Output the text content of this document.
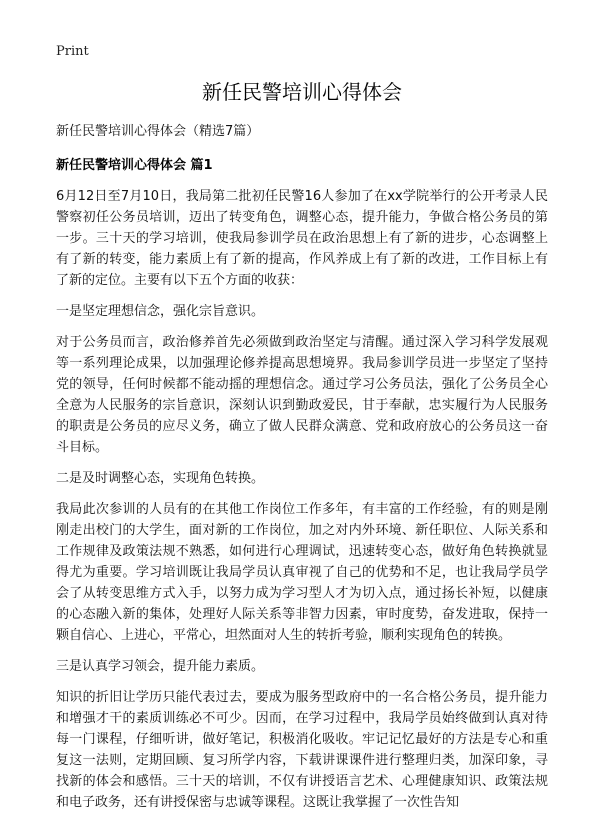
Print
新任民警培训心得体会
新任民警培训心得体会（精选7篇）
新任民警培训心得体会 篇1

6月12日至7月10日，我局第二批初任民警16人参加了在xx学院举行的公开考录人民警察初任公务员培训，迈出了转变角色，调整心态，提升能力，争做合格公务员的第一步。三十天的学习培训，使我局参训学员在政治思想上有了新的进步，心态调整上有了新的转变，能力素质上有了新的提高，作风养成上有了新的改进，工作目标上有了新的定位。主要有以下五个方面的收获：

一是坚定理想信念，强化宗旨意识。

对于公务员而言，政治修养首先必须做到政治坚定与清醒。通过深入学习科学发展观等一系列理论成果，以加强理论修养提高思想境界。我局参训学员进一步坚定了坚持党的领导，任何时候都不能动摇的理想信念。通过学习公务员法，强化了公务员全心全意为人民服务的宗旨意识，深刻认识到勤政爱民，甘于奉献，忠实履行为人民服务的职责是公务员的应尽义务，确立了做人民群众满意、党和政府放心的公务员这一奋斗目标。

二是及时调整心态，实现角色转换。

我局此次参训的人员有的在其他工作岗位工作多年，有丰富的工作经验，有的则是刚刚走出校门的大学生，面对新的工作岗位，加之对内外环境、新任职位、人际关系和工作规律及政策法规不熟悉，如何进行心理调试，迅速转变心态，做好角色转换就显得尤为重要。学习培训既让我局学员认真审视了自己的优势和不足，也让我局学员学会了从转变思维方式入手，以努力成为学习型人才为切入点，通过扬长补短，以健康的心态融入新的集体，处理好人际关系等非智力因素，审时度势，奋发进取，保持一颗自信心、上进心，平常心，坦然面对人生的转折考验，顺利实现角色的转换。

三是认真学习领会，提升能力素质。

知识的折旧让学历只能代表过去，要成为服务型政府中的一名合格公务员，提升能力和增强才干的素质训练必不可少。因而，在学习过程中，我局学员始终做到认真对待每一门课程，仔细听讲，做好笔记，积极消化吸收。牢记记忆最好的方法是专心和重复这一法则，定期回顾、复习所学内容，下载讲课课件进行整理归类，加深印象，寻找新的体会和感悟。三十天的培训，不仅有讲授语言艺术、心理健康知识、政策法规和电子政务，还有讲授保密与忠诚等课程。这既让我掌握了一次性告知
